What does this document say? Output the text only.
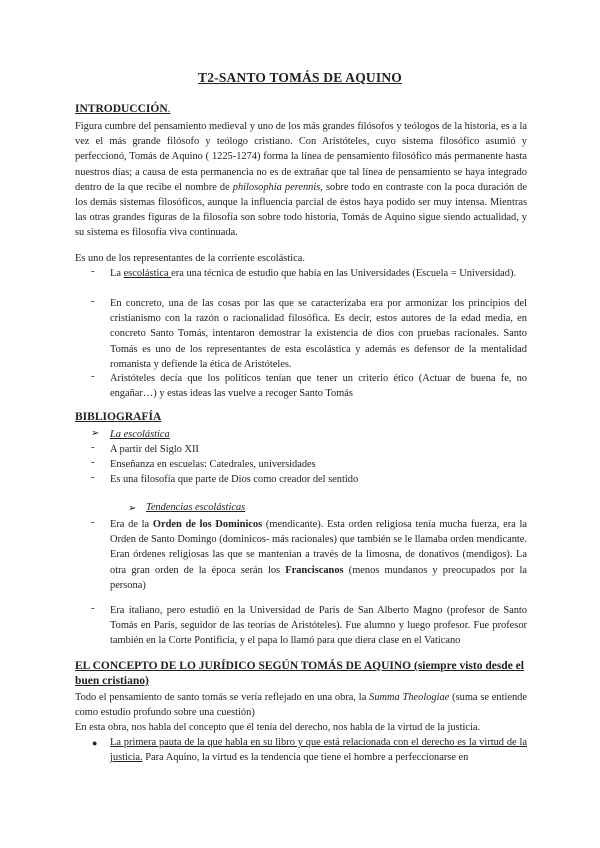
T2-SANTO TOMÁS DE AQUINO
INTRODUCCIÓN.
Figura cumbre del pensamiento medieval y uno de los más grandes filósofos y teólogos de la historia, es a la vez el más grande filósofo y teólogo cristiano. Con Aristóteles, cuyo sistema filosófico asumió y perfeccionó, Tomás de Aquino ( 1225-1274) forma la línea de pensamiento filosófico más permanente hasta nuestros días; a causa de esta permanencia no es de extrañar que tal línea de pensamiento se haya integrado dentro de la que recibe el nombre de philosophia perennis, sobre todo en contraste con la poca duración de los demás sistemas filosóficos, aunque la influencia parcial de éstos haya podido ser muy intensa. Mientras las otras grandes figuras de la filosofía son sobre todo historia, Tomás de Aquino sigue siendo actualidad, y su sistema es filosofía viva continuada.
Es uno de los representantes de la corriente escolástica.
- La escolástica era una técnica de estudio que había en las Universidades (Escuela = Universidad).
- En concreto, una de las cosas por las que se caracterizaba era por armonizar los principios del cristianismo con la razón o racionalidad filosófica. Es decir, estos autores de la edad media, en concreto Santo Tomás, intentaron demostrar la existencia de dios con pruebas racionales. Santo Tomás es uno de los representantes de esta escolástica y además es defensor de la mentalidad romanista y defiende la ética de Aristóteles.
- Aristóteles decía que los políticos tenían que tener un criterio ético (Actuar de buena fe, no engañar…) y estas ideas las vuelve a recoger Santo Tomás
BIBLIOGRAFÍA
➢ La escolástica
- A partir del Siglo XII
- Enseñanza en escuelas: Catedrales, universidades
- Es una filosofía que parte de Dios como creador del sentido
➢ Tendencias escolásticas
- Era de la Orden de los Dominicos (mendicante). Esta orden religiosa tenía mucha fuerza, era la Orden de Santo Domingo (dominicos- más racionales) que también se le llamaba orden mendicante. Eran órdenes religiosas las que se mantenían a través de la limosna, de donativos (mendigos). La otra gran orden de la época serán los Franciscanos (menos mundanos y preocupados por la persona)
- Era italiano, pero estudió en la Universidad de París de San Alberto Magno (profesor de Santo Tomás en París, seguidor de las teorías de Aristóteles). Fue alumno y luego profesor. Fue profesor también en la Corte Pontificia, y el papa lo llamó para que diera clase en el Vaticano
EL CONCEPTO DE LO JURÍDICO SEGÚN TOMÁS DE AQUINO (siempre visto desde el buen cristiano)
Todo el pensamiento de santo tomás se vería reflejado en una obra, la Summa Theologiae (suma se entiende como estudio profundo sobre una cuestión)
En esta obra, nos habla del concepto que él tenía del derecho, nos habla de la virtud de la justicia.
● La primera pauta de la que habla en su libro y que está relacionada con el derecho es la virtud de la justicia. Para Aquino, la virtud es la tendencia que tiene el hombre a perfeccionarse en
